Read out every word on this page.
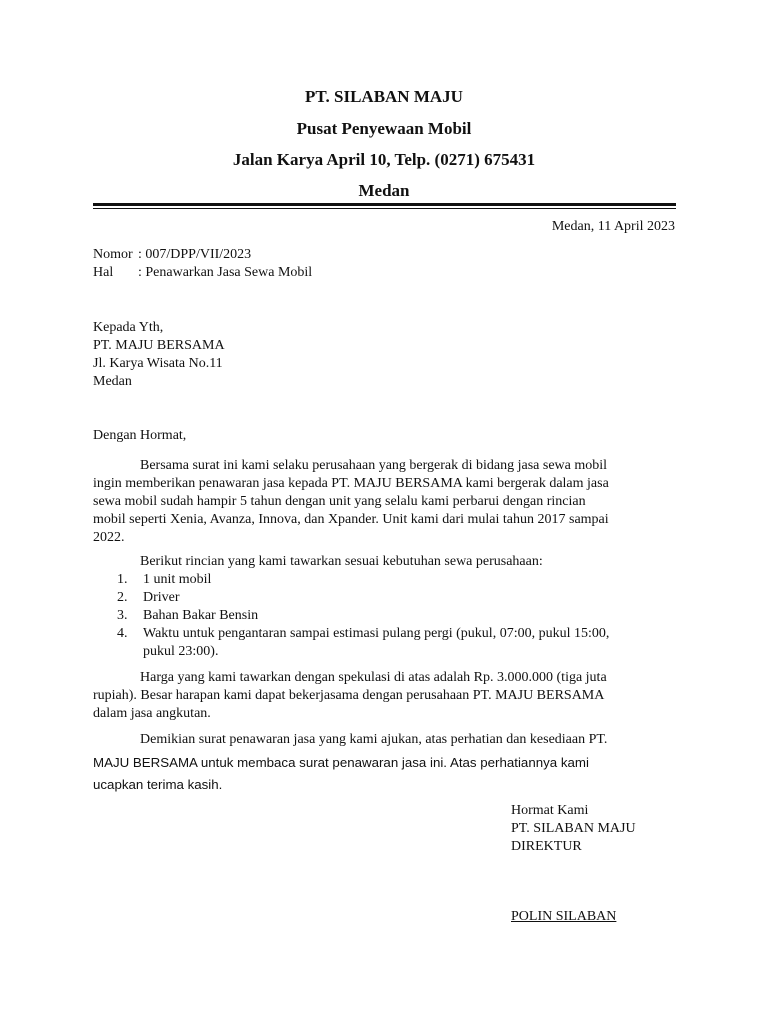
PT. SILABAN MAJU
Pusat Penyewaan Mobil
Jalan Karya April 10, Telp. (0271) 675431
Medan
Medan, 11 April 2023
Nomor : 007/DPP/VII/2023
Hal : Penawarkan Jasa Sewa Mobil
Kepada Yth,
PT. MAJU BERSAMA
Jl. Karya Wisata No.11
Medan
Dengan Hormat,
Bersama surat ini kami selaku perusahaan yang bergerak di bidang jasa sewa mobil
ingin memberikan penawaran jasa kepada PT. MAJU BERSAMA kami bergerak dalam jasa
sewa mobil sudah hampir 5 tahun dengan unit yang selalu kami perbarui dengan rincian
mobil seperti Xenia, Avanza, Innova, dan Xpander. Unit kami dari mulai tahun 2017 sampai
2022.
Berikut rincian yang kami tawarkan sesuai kebutuhan sewa perusahaan:
1. 1 unit mobil
2. Driver
3. Bahan Bakar Bensin
4. Waktu untuk pengantaran sampai estimasi pulang pergi (pukul, 07:00, pukul 15:00,
pukul 23:00).
Harga yang kami tawarkan dengan spekulasi di atas adalah Rp. 3.000.000 (tiga juta
rupiah). Besar harapan kami dapat bekerjasama dengan perusahaan PT. MAJU BERSAMA
dalam jasa angkutan.
Demikian surat penawaran jasa yang kami ajukan, atas perhatian dan kesediaan PT.
MAJU BERSAMA untuk membaca surat penawaran jasa ini. Atas perhatiannya kami
ucapkan terima kasih.
Hormat Kami
PT. SILABAN MAJU
DIREKTUR
POLIN SILABAN
